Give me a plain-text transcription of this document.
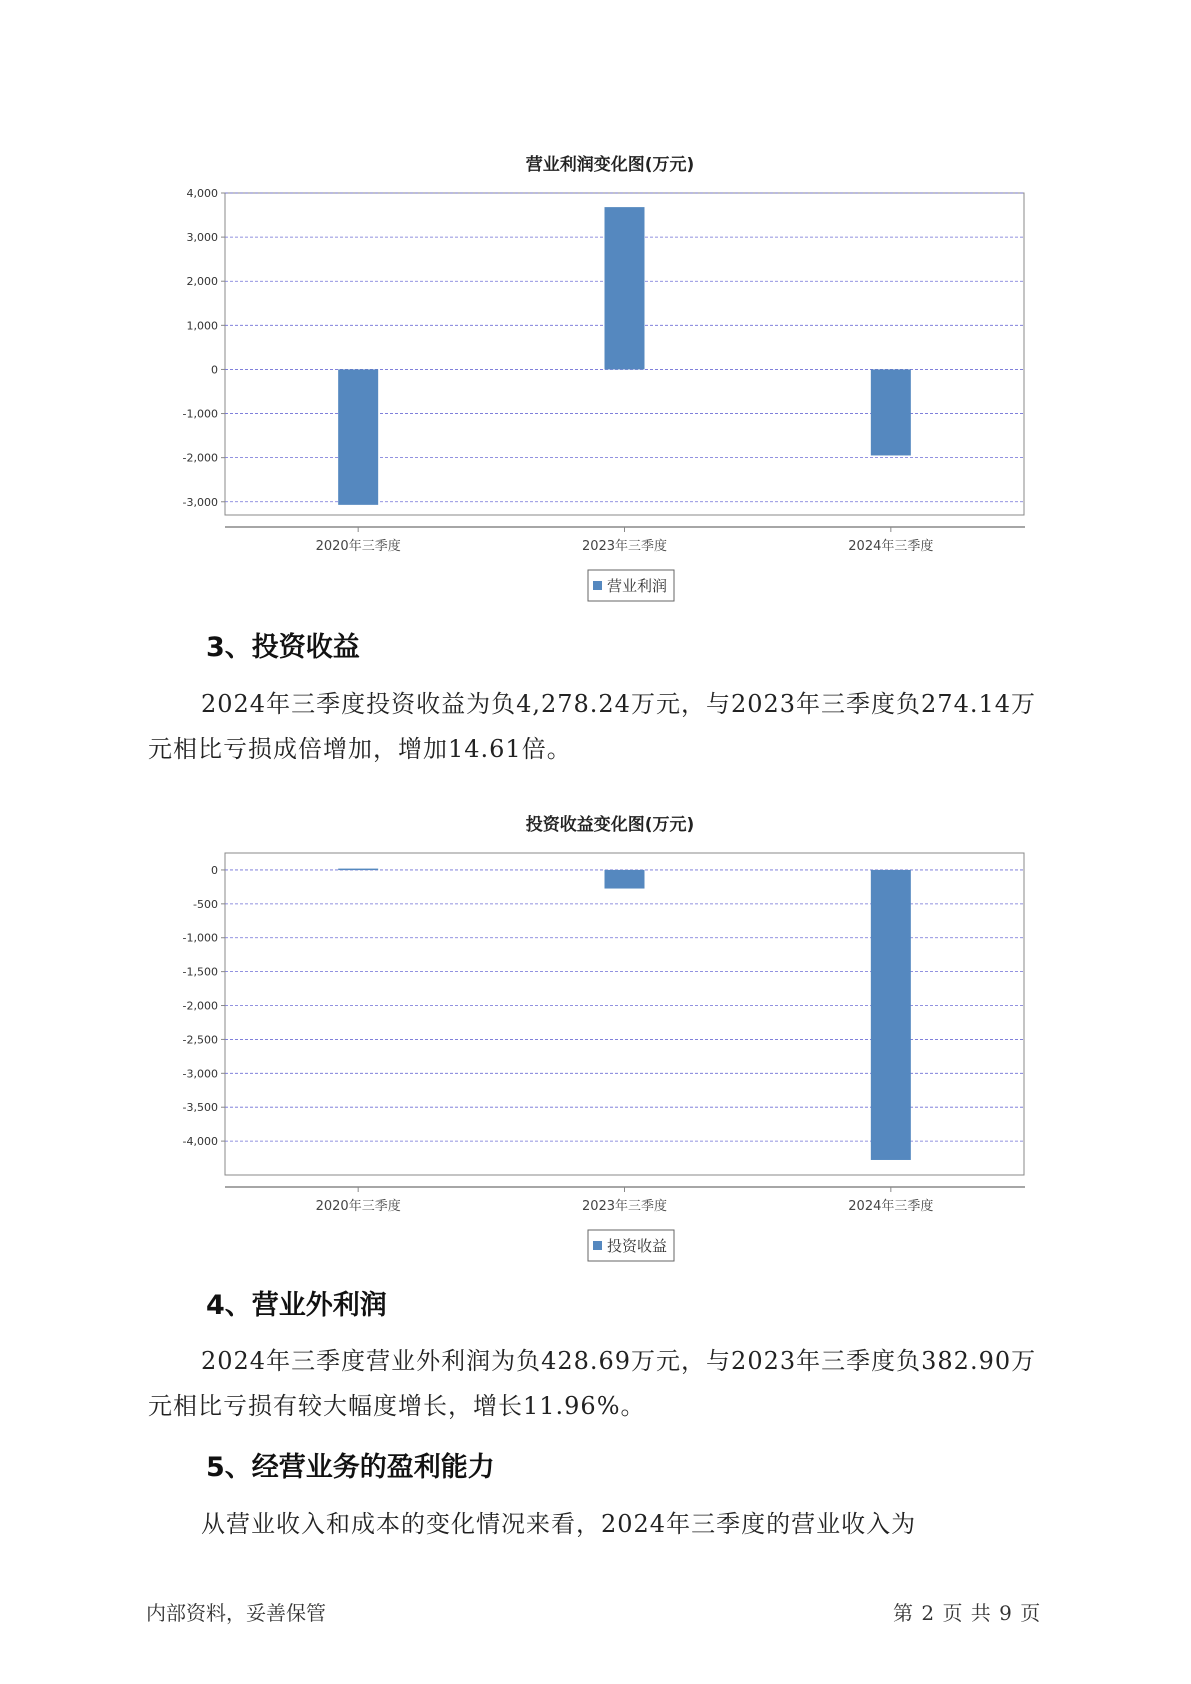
营业利润变化图(万元)
-3,000
-2,000
-1,000
0
1,000
2,000
3,000
4,000
2020年三季度	2023年三季度	2024年三季度
营业利润
3、投资收益

2024年三季度投资收益为负4,278.24万元，与2023年三季度负274.14万元相比亏损成倍增加，增加14.61倍。

投资收益变化图(万元)
-4,000
-3,500
-3,000
-2,500
-2,000
-1,500
-1,000
-500
0
2020年三季度	2023年三季度	2024年三季度
投资收益
4、营业外利润

2024年三季度营业外利润为负428.69万元，与2023年三季度负382.90万元相比亏损有较大幅度增长，增长11.96%。

5、经营业务的盈利能力

从营业收入和成本的变化情况来看，2024年三季度的营业收入为

内部资料，妥善保管	第 2 页 共 9 页
